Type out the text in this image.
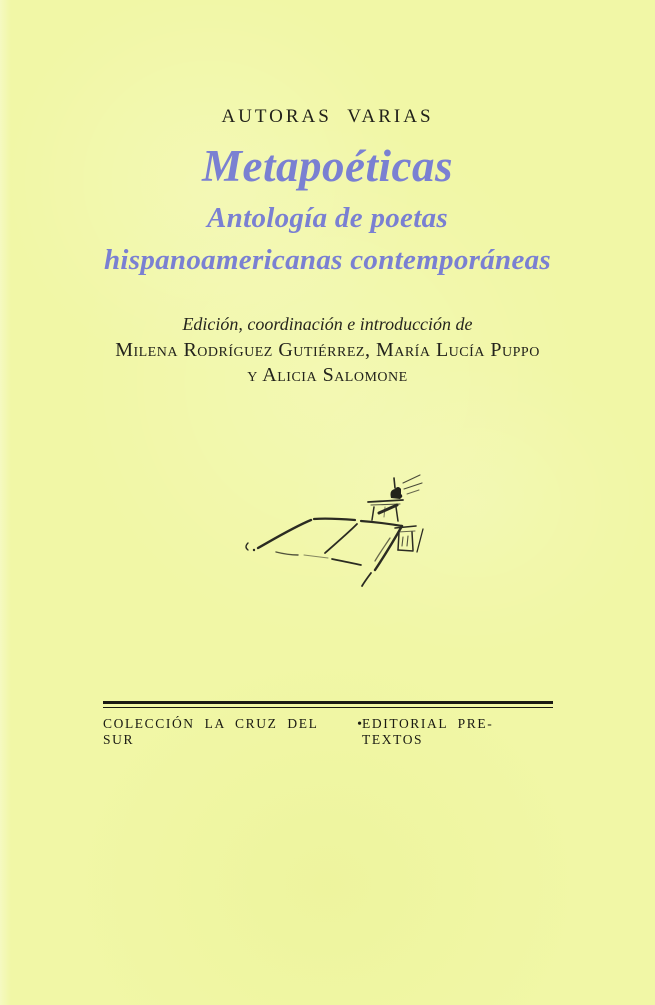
AUTORAS VARIAS
Metapoéticas
Antología de poetas
hispanoamericanas contemporáneas
Edición, coordinación e introducción de
Milena Rodríguez Gutiérrez, María Lucía Puppo
y Alicia Salomone
COLECCIÓN LA CRUZ DEL SUR
• EDITORIAL PRE-TEXTOS
